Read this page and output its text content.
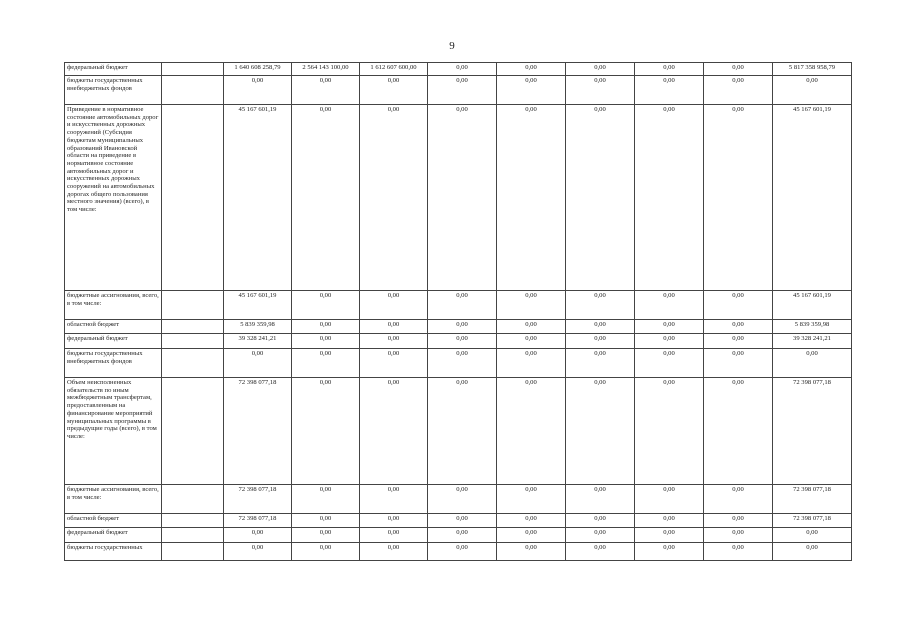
9
федеральный бюджет		1 640 608 258,79	2 564 143 100,00	1 612 607 600,00	0,00	0,00	0,00	0,00	0,00	5 817 358 958,79
бюджеты государственных внебюджетных фондов		0,00	0,00	0,00	0,00	0,00	0,00	0,00	0,00	0,00
Приведение в нормативное состояние автомобильных дорог и искусственных дорожных сооружений (Субсидия бюджетам муниципальных образований Ивановской области на приведение в нормативное состояние автомобильных дорог и искусственных дорожных сооружений на автомобильных дорогах общего пользования местного значения) (всего), в том числе:		45 167 601,19	0,00	0,00	0,00	0,00	0,00	0,00	0,00	45 167 601,19
бюджетные ассигнования, всего, в том числе:		45 167 601,19	0,00	0,00	0,00	0,00	0,00	0,00	0,00	45 167 601,19
областной бюджет		5 839 359,98	0,00	0,00	0,00	0,00	0,00	0,00	0,00	5 839 359,98
федеральный бюджет		39 328 241,21	0,00	0,00	0,00	0,00	0,00	0,00	0,00	39 328 241,21
бюджеты государственных внебюджетных фондов		0,00	0,00	0,00	0,00	0,00	0,00	0,00	0,00	0,00
Объем неисполненных обязательств по иным межбюджетным трансфертам, предоставленным на финансирование мероприятий муниципальных программы в предыдущие годы (всего), в том числе:		72 398 077,18	0,00	0,00	0,00	0,00	0,00	0,00	0,00	72 398 077,18
бюджетные ассигнования, всего, в том числе:		72 398 077,18	0,00	0,00	0,00	0,00	0,00	0,00	0,00	72 398 077,18
областной бюджет		72 398 077,18	0,00	0,00	0,00	0,00	0,00	0,00	0,00	72 398 077,18
федеральный бюджет		0,00	0,00	0,00	0,00	0,00	0,00	0,00	0,00	0,00
бюджеты государственных		0,00	0,00	0,00	0,00	0,00	0,00	0,00	0,00	0,00
